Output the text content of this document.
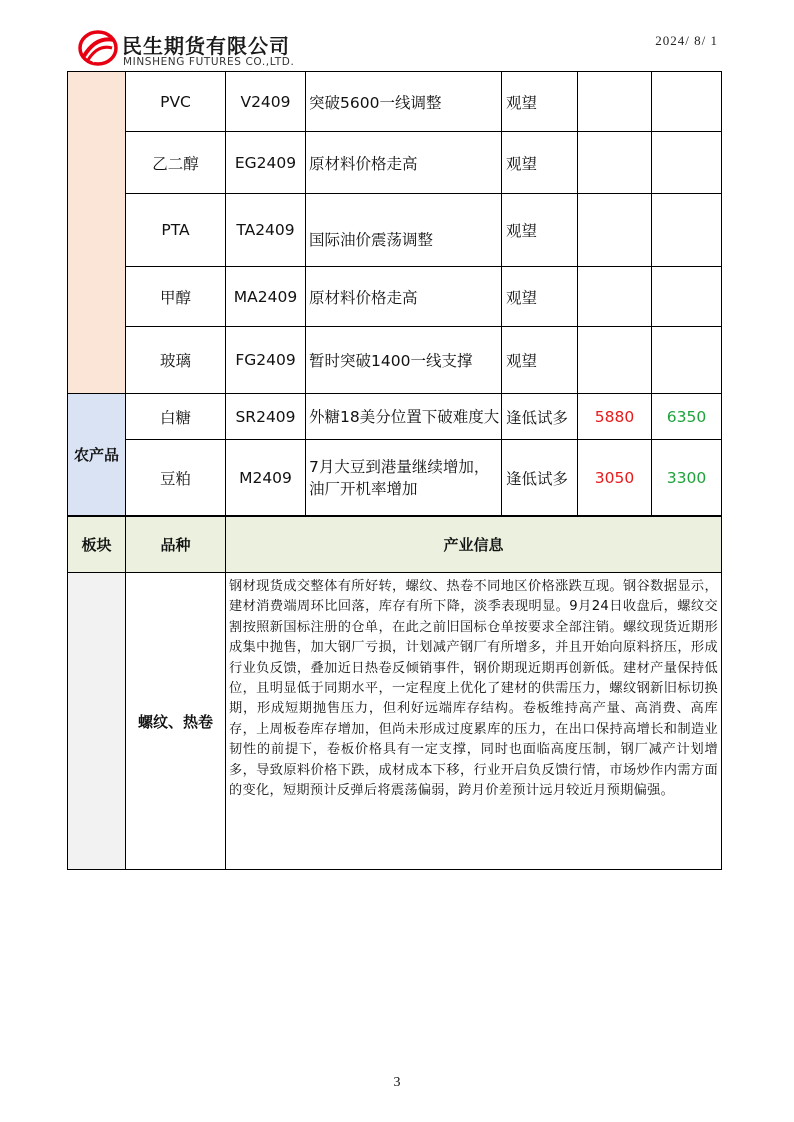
民生期货有限公司
MINSHENG FUTURES CO.,LTD.
2024/ 8/ 1
	PVC	V2409	突破5600一线调整	观望		
	乙二醇	EG2409	原材料价格走高	观望		
	PTA	TA2409	国际油价震荡调整	观望		
	甲醇	MA2409	原材料价格走高	观望		
	玻璃	FG2409	暂时突破1400一线支撑	观望		
农产品	白糖	SR2409	外糖18美分位置下破难度大	逢低试多	5880	6350
	豆粕	M2409	7月大豆到港量继续增加，油厂开机率增加	逢低试多	3050	3300
板块	品种	产业信息
	螺纹、热卷	钢材现货成交整体有所好转，螺纹、热卷不同地区价格涨跌互现。钢谷数据显示，建材消费端周环比回落，库存有所下降，淡季表现明显。9月24日收盘后，螺纹交割按照新国标注册的仓单，在此之前旧国标仓单按要求全部注销。螺纹现货近期形成集中抛售，加大钢厂亏损，计划减产钢厂有所增多，并且开始向原料挤压，形成行业负反馈，叠加近日热卷反倾销事件，钢价期现近期再创新低。建材产量保持低位，且明显低于同期水平，一定程度上优化了建材的供需压力，螺纹钢新旧标切换期，形成短期抛售压力，但利好远端库存结构。卷板维持高产量、高消费、高库存，上周板卷库存增加，但尚未形成过度累库的压力，在出口保持高增长和制造业韧性的前提下，卷板价格具有一定支撑，同时也面临高度压制，钢厂减产计划增多，导致原料价格下跌，成材成本下移，行业开启负反馈行情，市场炒作内需方面的变化，短期预计反弹后将震荡偏弱，跨月价差预计远月较近月预期偏强。
3
